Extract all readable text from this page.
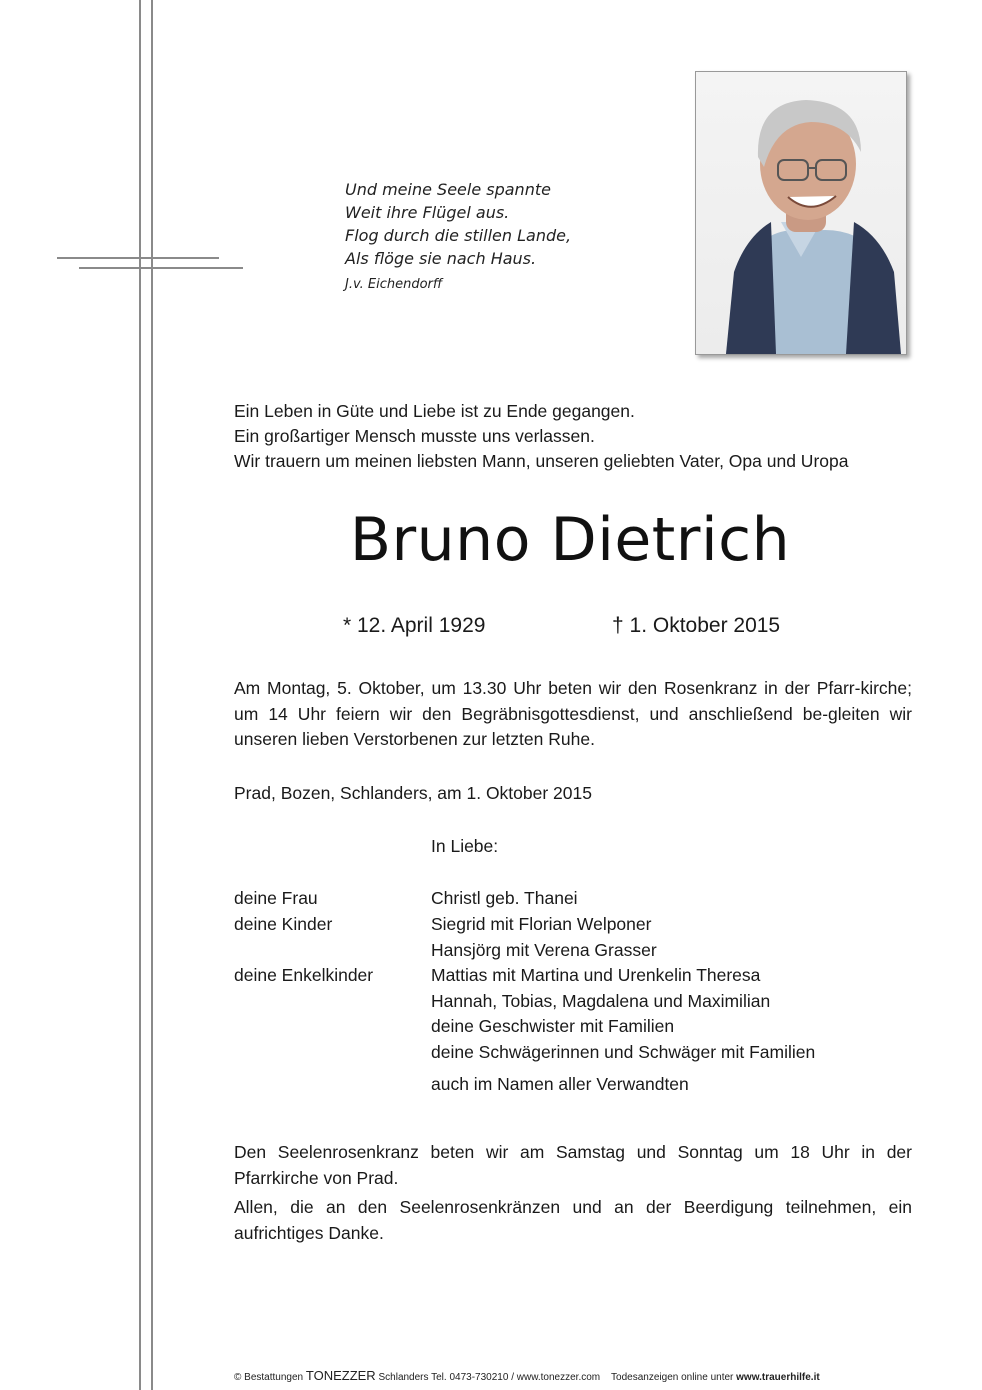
Und meine Seele spannte
Weit ihre Flügel aus.
Flog durch die stillen Lande,
Als flöge sie nach Haus.
J.v. Eichendorff
Ein Leben in Güte und Liebe ist zu Ende gegangen.
Ein großartiger Mensch musste uns verlassen.
Wir trauern um meinen liebsten Mann, unseren geliebten Vater, Opa und Uropa
Bruno Dietrich
* 12. April 1929	† 1. Oktober 2015
Am Montag, 5. Oktober, um 13.30 Uhr beten wir den Rosenkranz in der Pfarr-kirche; um 14 Uhr feiern wir den Begräbnisgottesdienst, und anschließend be-gleiten wir unseren lieben Verstorbenen zur letzten Ruhe.
Prad, Bozen, Schlanders, am 1. Oktober 2015
In Liebe:
deine Frau	Christl geb. Thanei
deine Kinder	Siegrid mit Florian Welponer
Hansjörg mit Verena Grasser
deine Enkelkinder	Mattias mit Martina und Urenkelin Theresa
Hannah, Tobias, Magdalena und Maximilian
deine Geschwister mit Familien
deine Schwägerinnen und Schwäger mit Familien
auch im Namen aller Verwandten
Den Seelenrosenkranz beten wir am Samstag und Sonntag um 18 Uhr in der Pfarrkirche von Prad.
Allen, die an den Seelenrosenkränzen und an der Beerdigung teilnehmen, ein aufrichtiges Danke.
© Bestattungen TONEZZER Schlanders Tel. 0473-730210 / www.tonezzer.com Todesanzeigen online unter www.trauerhilfe.it
